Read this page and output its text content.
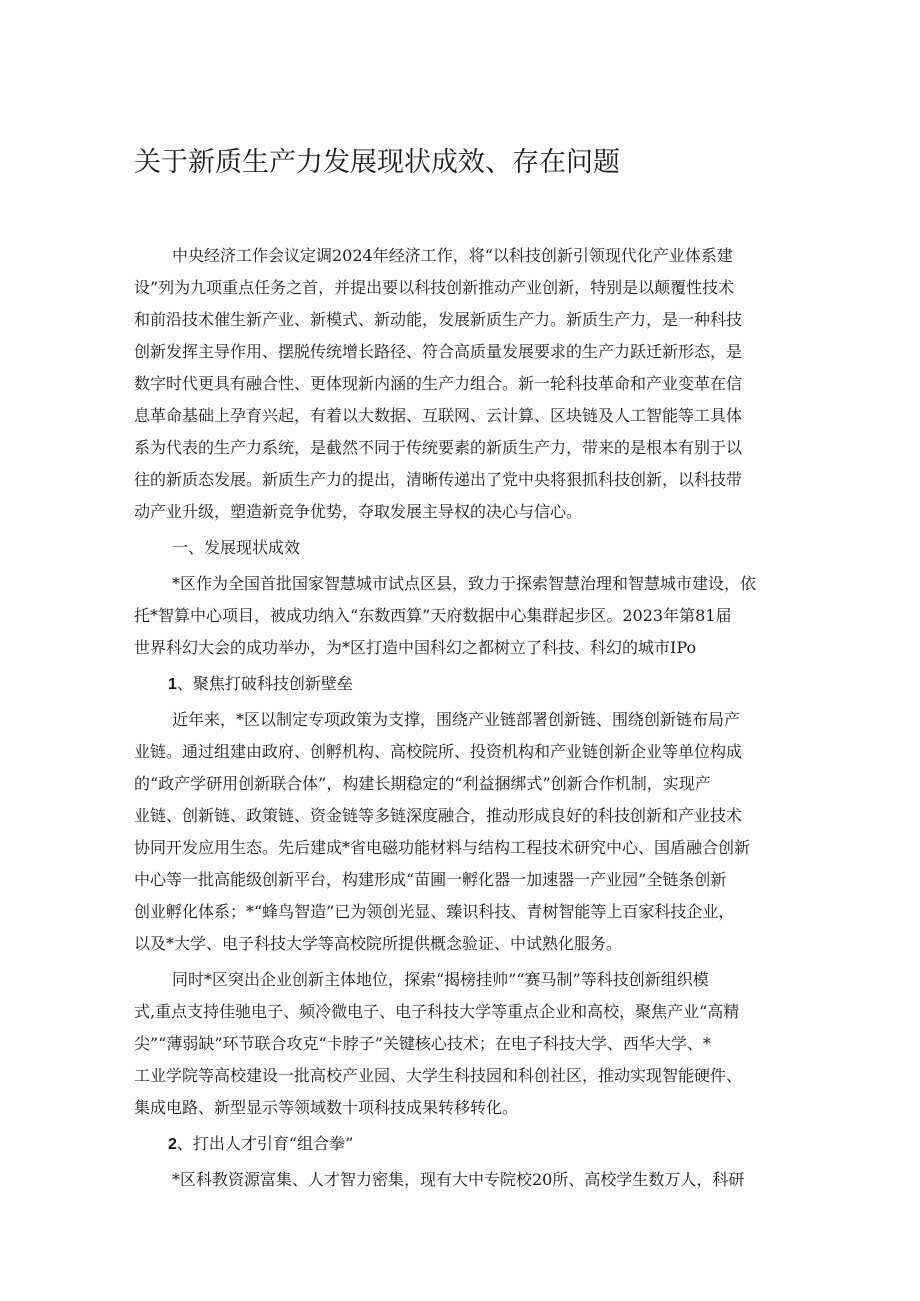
关于新质生产力发展现状成效、存在问题

中央经济工作会议定调2024年经济工作，将“以科技创新引领现代化产业体系建

设”列为九项重点任务之首，并提出要以科技创新推动产业创新，特别是以颠覆性技术

和前沿技术催生新产业、新模式、新动能，发展新质生产力。新质生产力，是一种科技

创新发挥主导作用、摆脱传统增长路径、符合高质量发展要求的生产力跃迁新形态，是

数字时代更具有融合性、更体现新内涵的生产力组合。新一轮科技革命和产业变革在信

息革命基础上孕育兴起，有着以大数据、互联网、云计算、区块链及人工智能等工具体

系为代表的生产力系统，是截然不同于传统要素的新质生产力，带来的是根本有别于以

往的新质态发展。新质生产力的提出，清晰传递出了党中央将狠抓科技创新，以科技带

动产业升级，塑造新竞争优势，夺取发展主导权的决心与信心。

一、发展现状成效

*区作为全国首批国家智慧城市试点区县，致力于探索智慧治理和智慧城市建设，依

托*智算中心项目，被成功纳入“东数西算”天府数据中心集群起步区。2023年第81届

世界科幻大会的成功举办，为*区打造中国科幻之都树立了科技、科幻的城市IPo

1、聚焦打破科技创新壁垒

近年来，*区以制定专项政策为支撑，围绕产业链部署创新链、围绕创新链布局产

业链。通过组建由政府、创孵机构、高校院所、投资机构和产业链创新企业等单位构成

的“政产学研用创新联合体”，构建长期稳定的“利益捆绑式”创新合作机制，实现产

业链、创新链、政策链、资金链等多链深度融合，推动形成良好的科技创新和产业技术

协同开发应用生态。先后建成*省电磁功能材料与结构工程技术研究中心、国盾融合创新

中心等一批高能级创新平台，构建形成“苗圃一孵化器一加速器一产业园”全链条创新

创业孵化体系；*“蜂鸟智造”已为领创光显、臻识科技、青树智能等上百家科技企业，

以及*大学、电子科技大学等高校院所提供概念验证、中试熟化服务。

同时*区突出企业创新主体地位，探索“揭榜挂帅”“赛马制”等科技创新组织模

式,重点支持佳驰电子、频冷微电子、电子科技大学等重点企业和高校，聚焦产业“高精

尖”“薄弱缺”环节联合攻克“卡脖子”关键核心技术；在电子科技大学、西华大学、*

工业学院等高校建设一批高校产业园、大学生科技园和科创社区，推动实现智能硬件、

集成电路、新型显示等领域数十项科技成果转移转化。

2、打出人才引育“组合拳”

*区科教资源富集、人才智力密集，现有大中专院校20所、高校学生数万人，科研
